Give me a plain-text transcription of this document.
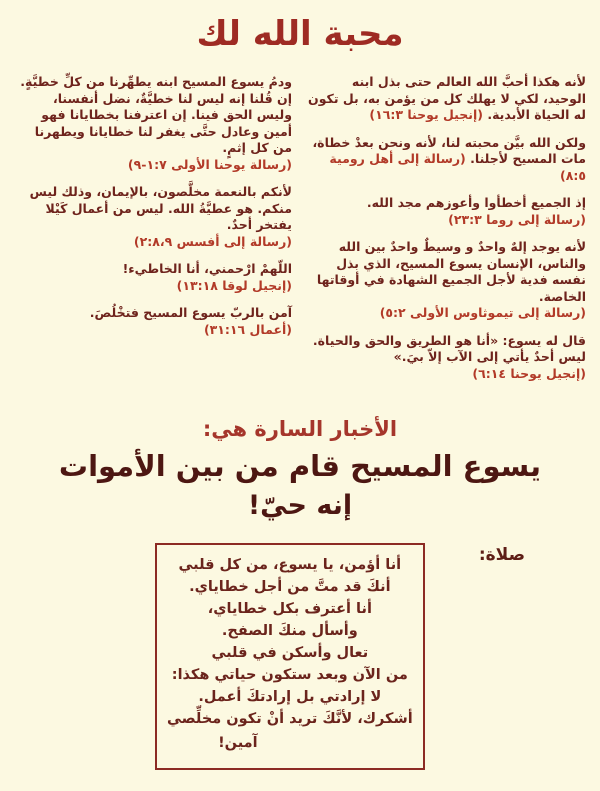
محبة الله لك

لأنه هكذا أحبَّ الله العالم حتى بذل ابنه الوحيد، لكي لا يهلك كل من يؤمن به، بل تكون له الحياة الأبدية. (إنجيل يوحنا ١٦:٣)

ولكن الله بيَّن محبته لنا، لأنه ونحن بعدْ خطاة، مات المسيح لأجلنا. (رسالة إلى أهل رومية ٨:٥)

إذ الجميع أخطأوا وأعوزهم مجد الله.
(رسالة إلى روما ٢٣:٣)

لأنه يوجد إلهٌ واحدٌ و وسيطٌ واحدٌ بين الله والناس، الإنسان يسوع المسيح، الذي بذل نفسه فدية لأجل الجميع الشهادة في أوقاتها الخاصة.
(رسالة إلى تيموثاوس الأولى ٥:٢)

قال له يسوع: «أنا هو الطريق والحق والحياة. ليس أحدٌ يأتي إلى الآب إلاّ بيَ.»
(إنجيل يوحنا ٦:١٤)

ودمُ يسوع المسيح ابنه يطهِّرنا من كلِّ خطيَّةٍ. إن قُلنا إنه ليس لنا خطيَّةٌ، نضل أنفسنا، وليس الحق فينا. إن اعترفنا بخطايانا فهو أمين وعادل حتَّى يغفر لنا خطايانا ويطهرنا من كل إثمٍ.
(رسالة يوحنا الأولى ١:٧-٩)

لأنكم بالنعمة مخلَّصون، بالإيمان، وذلك ليس منكم. هو عطيَّةُ الله. ليس من أعمال كَيْلا يفتخر أحدٌ.
(رسالة إلى أفسس ٢:٨،٩)

اللّهمْ ارْحمني، أنا الخاطيء!
(إنجيل لوقا ١٣:١٨)

آمن بالربّ يسوع المسيح فتخْلُصَ.
(أعمال ٣١:١٦)

الأخبار السارة هي:

يسوع المسيح قام من بين الأموات

إنه حيّ!

صلاة:
أنا أؤمن، يا يسوع، من كل قلبي
أنكَ قد متَّ من أجل خطاياي.
أنا أعترف بكل خطاياي،
وأسأل منكَ الصفح.
تعال وأسكن في قلبي
من الآن وبعد ستكون حياتي هكذا:
لا إرادتي بل إرادتكَ أعمل.
أشكرك، لأنَّكَ تريد أنْ تكون مخلِّصي
آمين!
